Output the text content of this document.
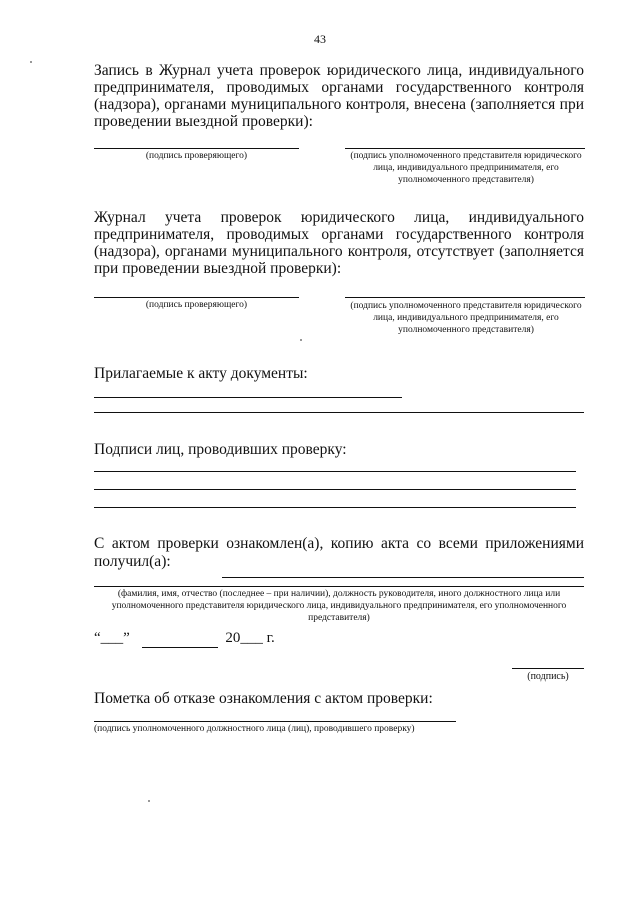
43

Запись в Журнал учета проверок юридического лица, индивидуального предпринимателя, проводимых органами государственного контроля (надзора), органами муниципального контроля, внесена (заполняется при проведении выездной проверки):

(подпись проверяющего)	(подпись уполномоченного представителя юридического лица, индивидуального предпринимателя, его уполномоченного представителя)

Журнал учета проверок юридического лица, индивидуального предпринимателя, проводимых органами государственного контроля (надзора), органами муниципального контроля, отсутствует (заполняется при проведении выездной проверки):

(подпись проверяющего)	(подпись уполномоченного представителя юридического лица, индивидуального предпринимателя, его уполномоченного представителя)

Прилагаемые к акту документы:

Подписи лиц, проводивших проверку:

С актом проверки ознакомлен(а), копию акта со всеми приложениями получил(а):

(фамилия, имя, отчество (последнее – при наличии), должность руководителя, иного должностного лица или уполномоченного представителя юридического лица, индивидуального предпринимателя, его уполномоченного представителя)

“___”	20___ г.

(подпись)

Пометка об отказе ознакомления с актом проверки:

(подпись уполномоченного должностного лица (лиц), проводившего проверку)
